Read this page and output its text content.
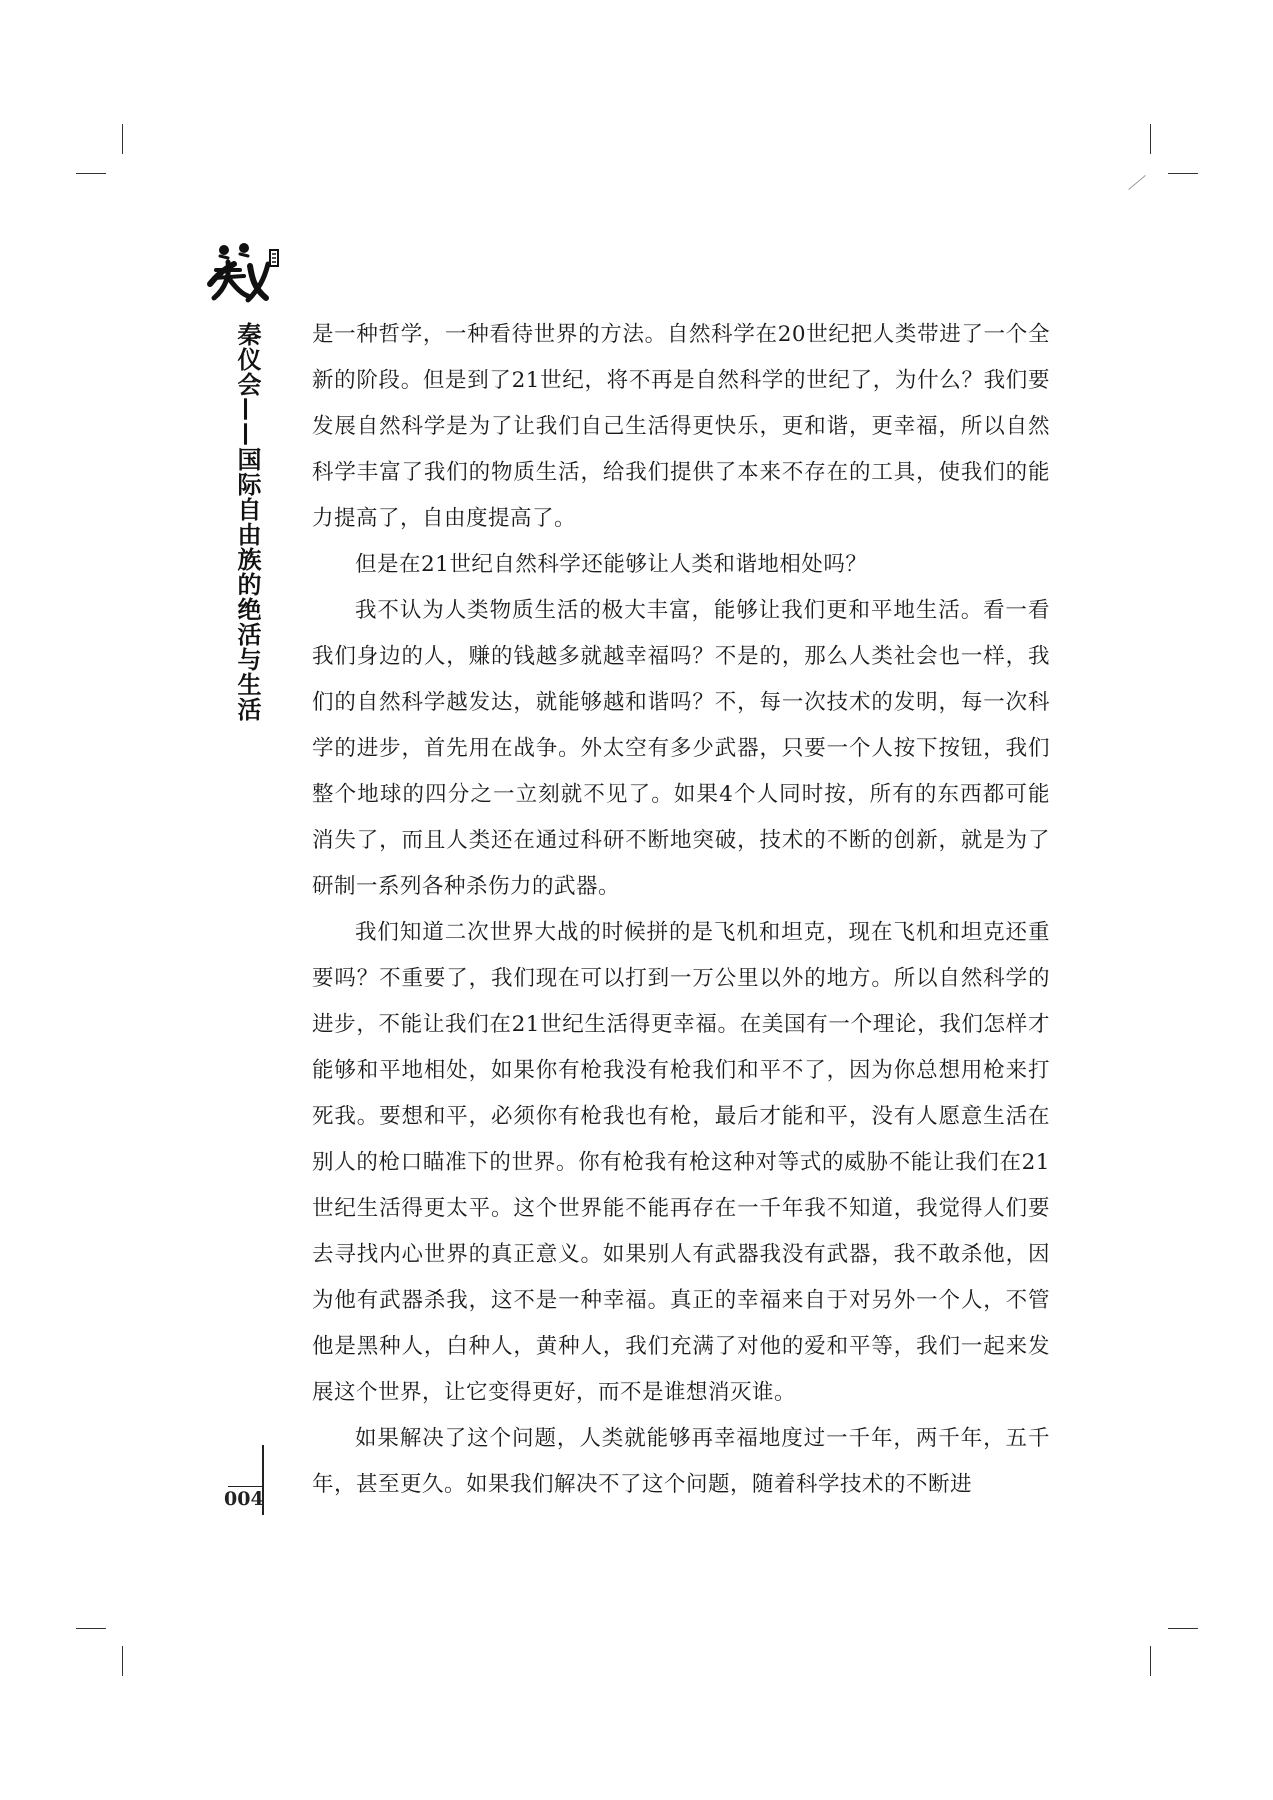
秦仪会——国际自由族的绝活与生活 是一种哲学，一种看待世界的方法。自然科学在20世纪把人类带进了一个全新的阶段。但是到了21世纪，将不再是自然科学的世纪了，为什么？我们要发展自然科学是为了让我们自己生活得更快乐，更和谐，更幸福，所以自然科学丰富了我们的物质生活，给我们提供了本来不存在的工具，使我们的能力提高了，自由度提高了。

但是在21世纪自然科学还能够让人类和谐地相处吗？

我不认为人类物质生活的极大丰富，能够让我们更和平地生活。看一看我们身边的人，赚的钱越多就越幸福吗？不是的，那么人类社会也一样，我们的自然科学越发达，就能够越和谐吗？不，每一次技术的发明，每一次科学的进步，首先用在战争。外太空有多少武器，只要一个人按下按钮，我们整个地球的四分之一立刻就不见了。如果4个人同时按，所有的东西都可能消失了，而且人类还在通过科研不断地突破，技术的不断的创新，就是为了研制一系列各种杀伤力的武器。

我们知道二次世界大战的时候拼的是飞机和坦克，现在飞机和坦克还重要吗？不重要了，我们现在可以打到一万公里以外的地方。所以自然科学的进步，不能让我们在21世纪生活得更幸福。在美国有一个理论，我们怎样才能够和平地相处，如果你有枪我没有枪我们和平不了，因为你总想用枪来打死我。要想和平，必须你有枪我也有枪，最后才能和平，没有人愿意生活在别人的枪口瞄准下的世界。你有枪我有枪这种对等式的威胁不能让我们在21世纪生活得更太平。这个世界能不能再存在一千年我不知道，我觉得人们要去寻找内心世界的真正意义。如果别人有武器我没有武器，我不敢杀他，因为他有武器杀我，这不是一种幸福。真正的幸福来自于对另外一个人，不管他是黑种人，白种人，黄种人，我们充满了对他的爱和平等，我们一起来发展这个世界，让它变得更好，而不是谁想消灭谁。

如果解决了这个问题，人类就能够再幸福地度过一千年，两千年，五千年，甚至更久。如果我们解决不了这个问题，随着科学技术的不断进

004
